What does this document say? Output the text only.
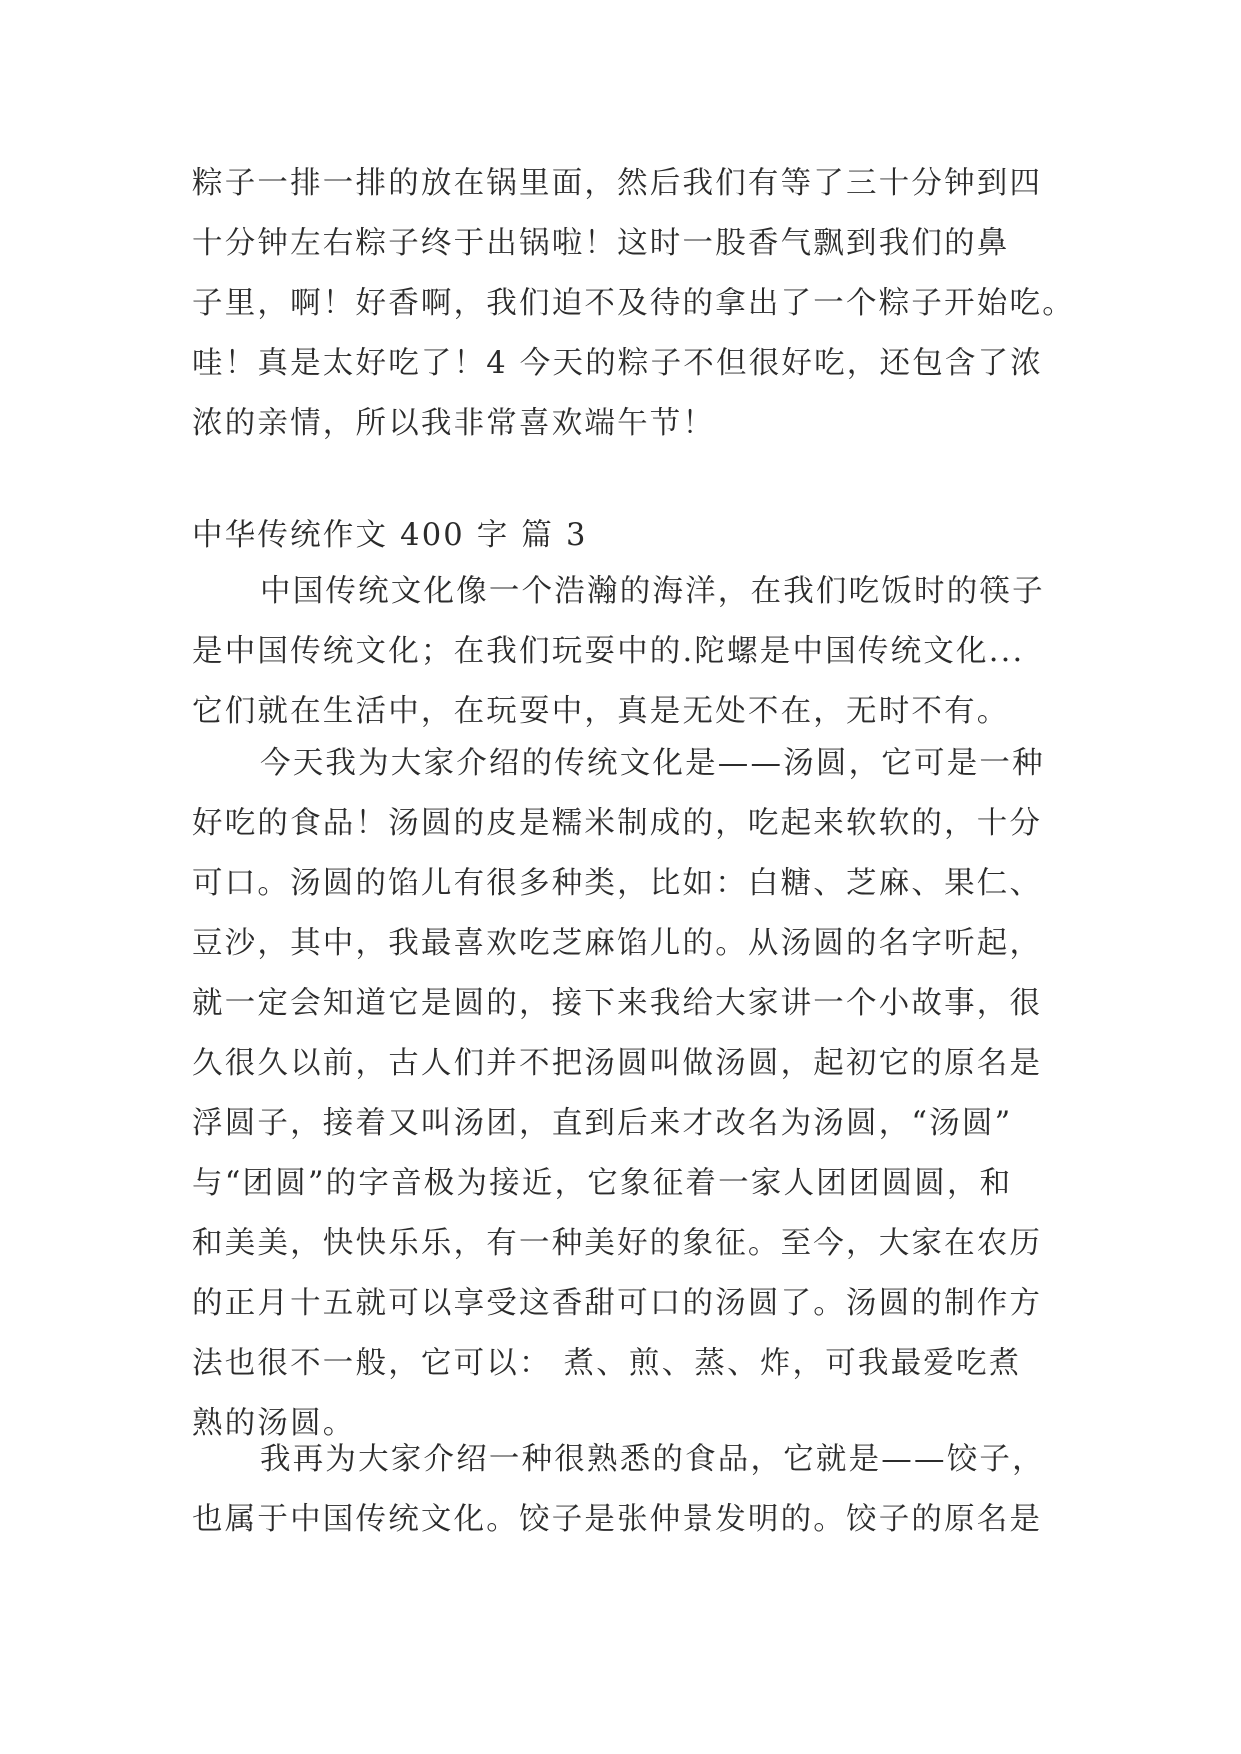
粽子一排一排的放在锅里面，然后我们有等了三十分钟到四
十分钟左右粽子终于出锅啦！这时一股香气飘到我们的鼻
子里，啊！好香啊，我们迫不及待的拿出了一个粽子开始吃。
哇！真是太好吃了！4 今天的粽子不但很好吃，还包含了浓
浓的亲情，所以我非常喜欢端午节！
中华传统作文 400 字 篇 3
中国传统文化像一个浩瀚的海洋，在我们吃饭时的筷子
是中国传统文化；在我们玩耍中的.陀螺是中国传统文化...
它们就在生活中，在玩耍中，真是无处不在，无时不有。
今天我为大家介绍的传统文化是——汤圆，它可是一种
好吃的食品！汤圆的皮是糯米制成的，吃起来软软的，十分
可口。汤圆的馅儿有很多种类，比如：白糖、芝麻、果仁、
豆沙，其中，我最喜欢吃芝麻馅儿的。从汤圆的名字听起，
就一定会知道它是圆的，接下来我给大家讲一个小故事，很
久很久以前，古人们并不把汤圆叫做汤圆，起初它的原名是
浮圆子，接着又叫汤团，直到后来才改名为汤圆，“汤圆”
与“团圆”的字音极为接近，它象征着一家人团团圆圆，和
和美美，快快乐乐，有一种美好的象征。至今，大家在农历
的正月十五就可以享受这香甜可口的汤圆了。汤圆的制作方
法也很不一般，它可以： 煮、煎、蒸、炸，可我最爱吃煮
熟的汤圆。
我再为大家介绍一种很熟悉的食品，它就是——饺子，
也属于中国传统文化。饺子是张仲景发明的。饺子的原名是
